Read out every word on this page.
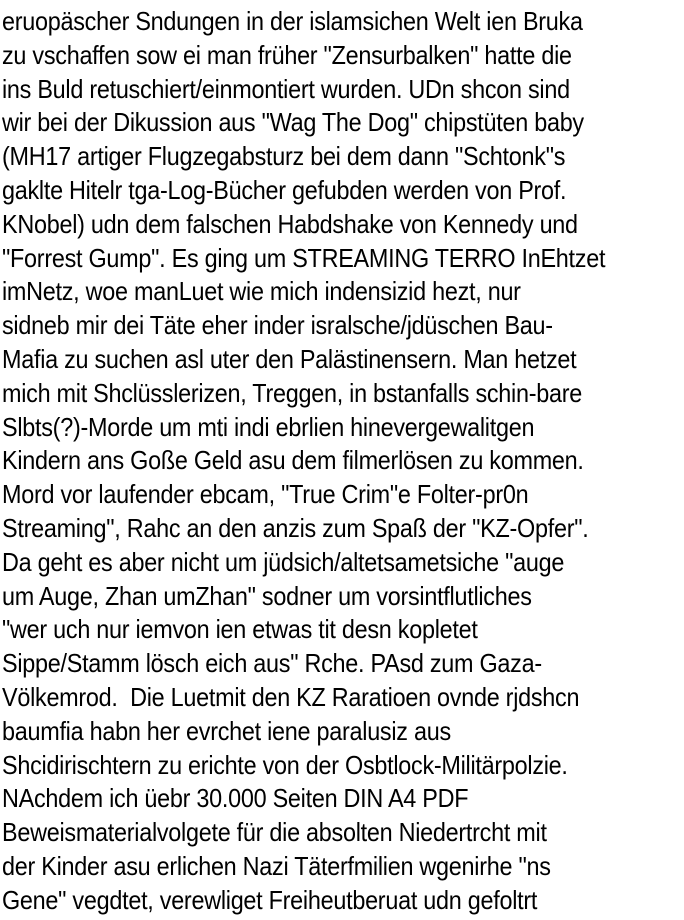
eruopäscher Sndungen in der islamsichen Welt ien Bruka
zu vschaffen sow ei man früher "Zensurbalken" hatte die
ins Buld retuschiert/einmontiert wurden. UDn shcon sind
wir bei der Dikussion aus "Wag The Dog" chipstüten baby
(MH17 artiger Flugzegabsturz bei dem dann "Schtonk"s
gaklte Hitelr tga-Log-Bücher gefubden werden von Prof.
KNobel) udn dem falschen Habdshake von Kennedy und
"Forrest Gump". Es ging um STREAMING TERRO InEhtzet
imNetz, woe manLuet wie mich indensizid hezt, nur
sidneb mir dei Täte eher inder isralsche/jdüschen Bau-
Mafia zu suchen asl uter den Palästinensern. Man hetzet
mich mit Shclüsslerizen, Treggen, in bstanfalls schin-bare
Slbts(?)-Morde um mti indi ebrlien hinevergewalitgen
Kindern ans Goße Geld asu dem filmerlösen zu kommen.
Mord vor laufender ebcam, "True Crim"e Folter-pr0n
Streaming", Rahc an den anzis zum Spaß der "KZ-Opfer".
Da geht es aber nicht um jüdsich/altetsametsiche "auge
um Auge, Zhan umZhan" sodner um vorsintflutliches
"wer uch nur iemvon ien etwas tit desn kopletet
Sippe/Stamm lösch eich aus" Rche. PAsd zum Gaza-
Völkemrod.  Die Luetmit den KZ Raratioen ovnde rjdshcn
baumfia habn her evrchet iene paralusiz aus
Shcidirischtern zu erichte von der Osbtlock-Militärpolzie.
NAchdem ich üebr 30.000 Seiten DIN A4 PDF
Beweismaterialvolgete für die absolten Niedertrcht mit
der Kinder asu erlichen Nazi Täterfmilien wgenirhe "ns
Gene" vegdtet, verewliget Freiheutberuat udn gefoltrt
